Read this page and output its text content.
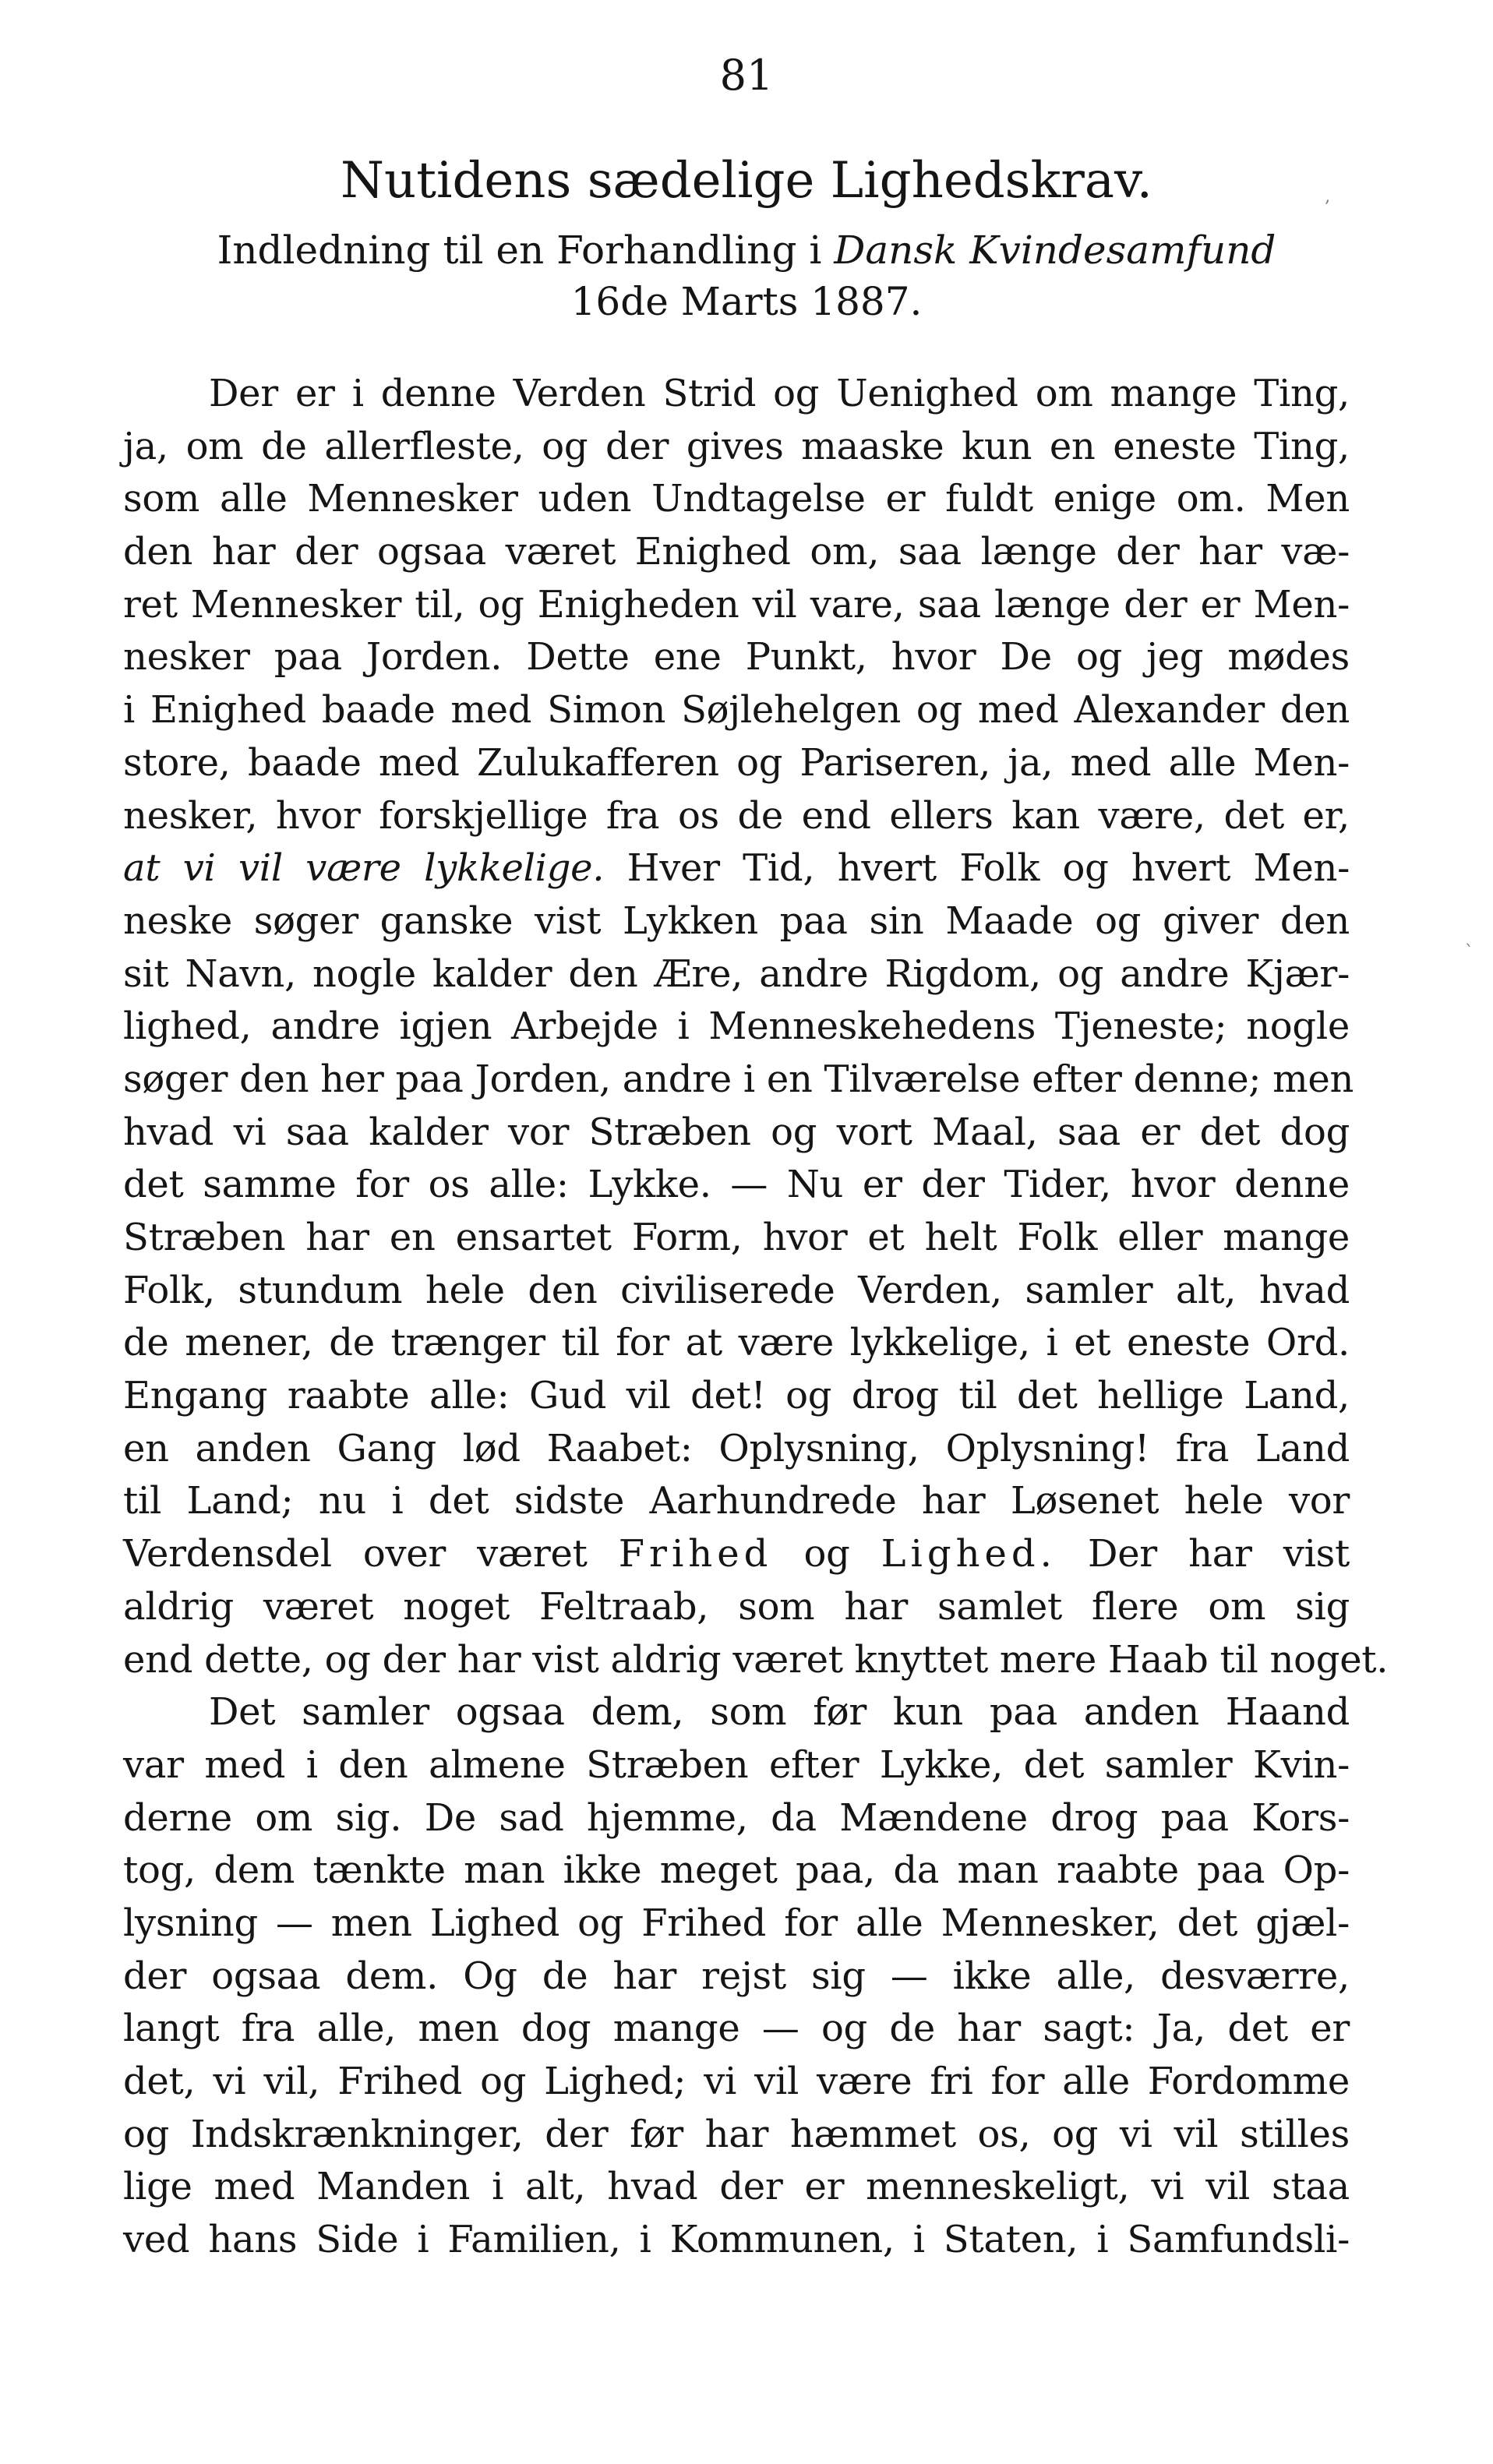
81
Nutidens sædelige Lighedskrav.
Indledning til en Forhandling i Dansk Kvindesamfund
16de Marts 1887.
Der er i denne Verden Strid og Uenighed om mange Ting,
ja, om de allerfleste, og der gives maaske kun en eneste Ting,
som alle Mennesker uden Undtagelse er fuldt enige om. Men
den har der ogsaa været Enighed om, saa længe der har væ-
ret Mennesker til, og Enigheden vil vare, saa længe der er Men-
nesker paa Jorden. Dette ene Punkt, hvor De og jeg mødes
i Enighed baade med Simon Søjlehelgen og med Alexander den
store, baade med Zulukafferen og Pariseren, ja, med alle Men-
nesker, hvor forskjellige fra os de end ellers kan være, det er,
at vi vil være lykkelige. Hver Tid, hvert Folk og hvert Men-
neske søger ganske vist Lykken paa sin Maade og giver den
sit Navn, nogle kalder den Ære, andre Rigdom, og andre Kjær-
lighed, andre igjen Arbejde i Menneskehedens Tjeneste; nogle
søger den her paa Jorden, andre i en Tilværelse efter denne; men
hvad vi saa kalder vor Stræben og vort Maal, saa er det dog
det samme for os alle: Lykke. — Nu er der Tider, hvor denne
Stræben har en ensartet Form, hvor et helt Folk eller mange
Folk, stundum hele den civiliserede Verden, samler alt, hvad
de mener, de trænger til for at være lykkelige, i et eneste Ord.
Engang raabte alle: Gud vil det! og drog til det hellige Land,
en anden Gang lød Raabet: Oplysning, Oplysning! fra Land
til Land; nu i det sidste Aarhundrede har Løsenet hele vor
Verdensdel over været Frihed og Lighed. Der har vist
aldrig været noget Feltraab, som har samlet flere om sig
end dette, og der har vist aldrig været knyttet mere Haab til noget.
Det samler ogsaa dem, som før kun paa anden Haand
var med i den almene Stræben efter Lykke, det samler Kvin-
derne om sig. De sad hjemme, da Mændene drog paa Kors-
tog, dem tænkte man ikke meget paa, da man raabte paa Op-
lysning — men Lighed og Frihed for alle Mennesker, det gjæl-
der ogsaa dem. Og de har rejst sig — ikke alle, desværre,
langt fra alle, men dog mange — og de har sagt: Ja, det er
det, vi vil, Frihed og Lighed; vi vil være fri for alle Fordomme
og Indskrænkninger, der før har hæmmet os, og vi vil stilles
lige med Manden i alt, hvad der er menneskeligt, vi vil staa
ved hans Side i Familien, i Kommunen, i Staten, i Samfundsli-
‚
`
